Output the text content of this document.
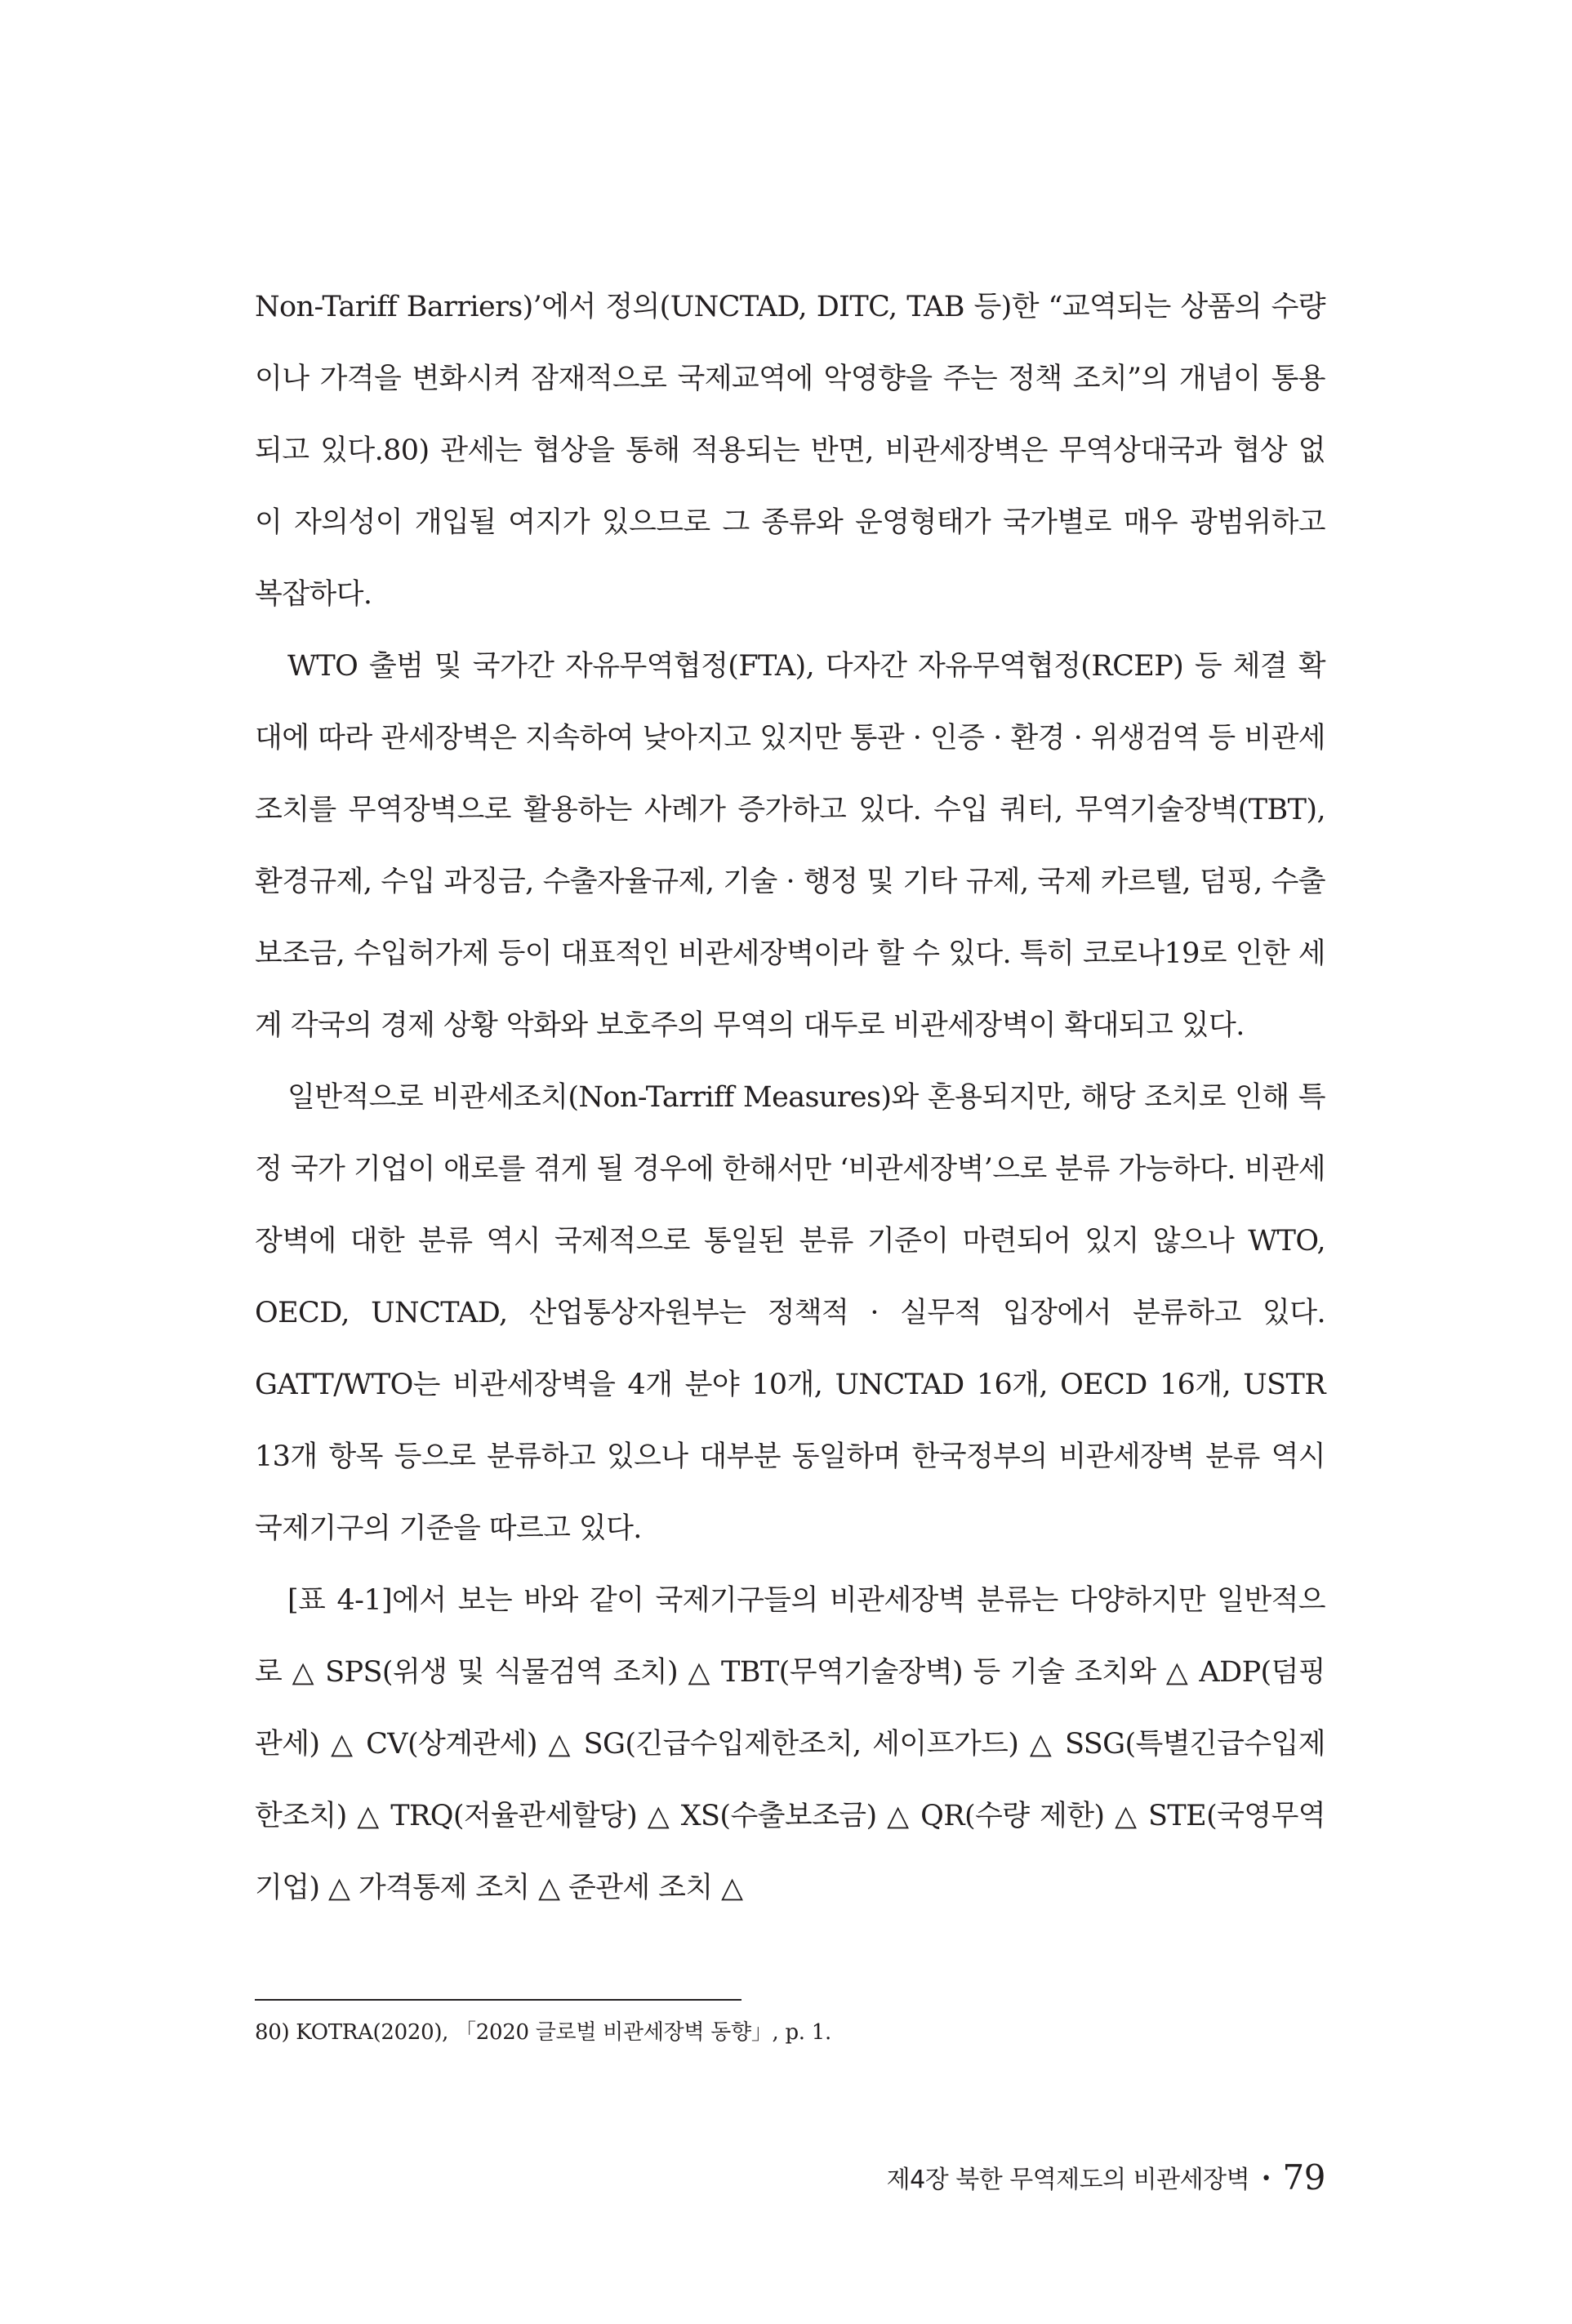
Non-Tariff Barriers)’에서 정의(UNCTAD, DITC, TAB 등)한 “교역되는 상품의 수량이나 가격을 변화시켜 잠재적으로 국제교역에 악영향을 주는 정책 조치”의 개념이 통용되고 있다.80) 관세는 협상을 통해 적용되는 반면, 비관세장벽은 무역상대국과 협상 없이 자의성이 개입될 여지가 있으므로 그 종류와 운영형태가 국가별로 매우 광범위하고 복잡하다.

WTO 출범 및 국가간 자유무역협정(FTA), 다자간 자유무역협정(RCEP) 등 체결 확대에 따라 관세장벽은 지속하여 낮아지고 있지만 통관 · 인증 · 환경 · 위생검역 등 비관세 조치를 무역장벽으로 활용하는 사례가 증가하고 있다. 수입 쿼터, 무역기술장벽(TBT), 환경규제, 수입 과징금, 수출자율규제, 기술 · 행정 및 기타 규제, 국제 카르텔, 덤핑, 수출보조금, 수입허가제 등이 대표적인 비관세장벽이라 할 수 있다. 특히 코로나19로 인한 세계 각국의 경제 상황 악화와 보호주의 무역의 대두로 비관세장벽이 확대되고 있다.

일반적으로 비관세조치(Non-Tarriff Measures)와 혼용되지만, 해당 조치로 인해 특정 국가 기업이 애로를 겪게 될 경우에 한해서만 ‘비관세장벽’으로 분류 가능하다. 비관세장벽에 대한 분류 역시 국제적으로 통일된 분류 기준이 마련되어 있지 않으나 WTO, OECD, UNCTAD, 산업통상자원부는 정책적 · 실무적 입장에서 분류하고 있다. GATT/WTO는 비관세장벽을 4개 분야 10개, UNCTAD 16개, OECD 16개, USTR 13개 항목 등으로 분류하고 있으나 대부분 동일하며 한국정부의 비관세장벽 분류 역시 국제기구의 기준을 따르고 있다.

[표 4-1]에서 보는 바와 같이 국제기구들의 비관세장벽 분류는 다양하지만 일반적으로 △ SPS(위생 및 식물검역 조치) △ TBT(무역기술장벽) 등 기술 조치와 △ ADP(덤핑관세) △ CV(상계관세) △ SG(긴급수입제한조치, 세이프가드) △ SSG(특별긴급수입제한조치) △ TRQ(저율관세할당) △ XS(수출보조금) △ QR(수량 제한) △ STE(국영무역기업) △ 가격통제 조치 △ 준관세 조치 △

80) KOTRA(2020), 「2020 글로벌 비관세장벽 동향」, p. 1.
제4장 북한 무역제도의 비관세장벽 • 79
